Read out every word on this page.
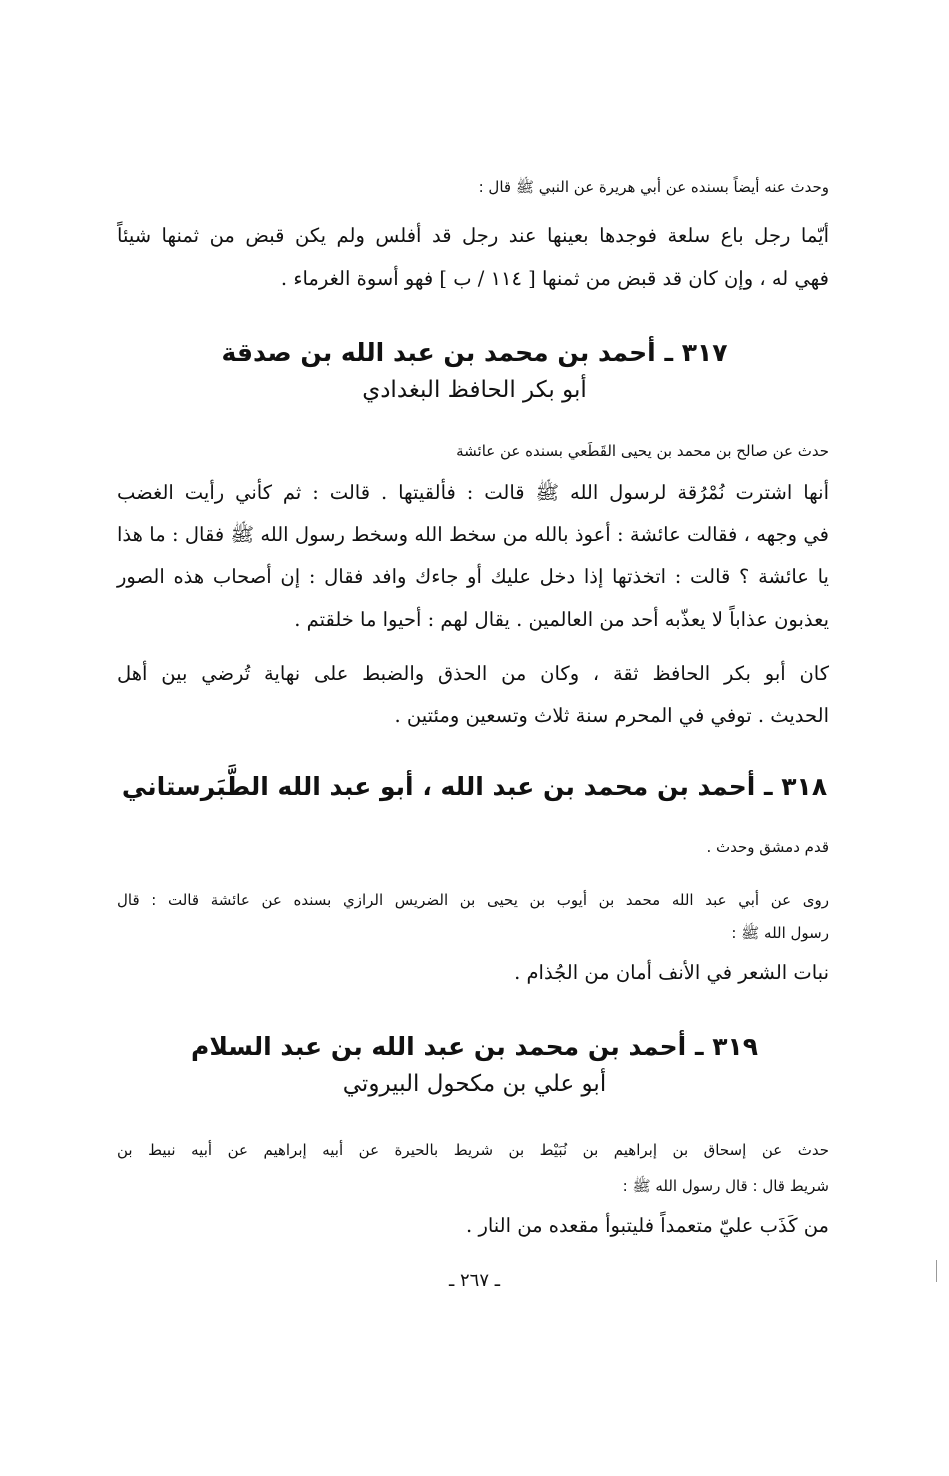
وحدث عنه أيضاً بسنده عن أبي هريرة عن النبي ﷺ قال :
أيّما رجل باع سلعة فوجدها بعينها عند رجل قد أفلس ولم يكن قبض من ثمنها شيئاً
فهي له ، وإن كان قد قبض من ثمنها [ ١١٤ / ب ] فهو أسوة الغرماء .
٣١٧ ـ أحمد بن محمد بن عبد الله بن صدقة
أبو بكر الحافظ البغدادي
حدث عن صالح بن محمد بن يحيى القَطَعي بسنده عن عائشة
أنها اشترت نُمْرُقة لرسول الله ﷺ قالت : فألقيتها . قالت : ثم كأني رأيت الغضب
في وجهه ، فقالت عائشة : أعوذ بالله من سخط الله وسخط رسول الله ﷺ فقال : ما هذا
يا عائشة ؟ قالت : اتخذتها إذا دخل عليك أو جاءك وافد فقال : إن أصحاب هذه الصور
يعذبون عذاباً لا يعذّبه أحد من العالمين . يقال لهم : أحيوا ما خلقتم .
كان أبو بكر الحافظ ثقة ، وكان من الحذق والضبط على نهاية تُرضي بين أهل
الحديث . توفي في المحرم سنة ثلاث وتسعين ومئتين .
٣١٨ ـ أحمد بن محمد بن عبد الله ، أبو عبد الله الطَّبَرستاني
قدم دمشق وحدث .
روى عن أبي عبد الله محمد بن أيوب بن يحيى بن الضريس الرازي بسنده عن عائشة قالت : قال
رسول الله ﷺ :
نبات الشعر في الأنف أمان من الجُذام .
٣١٩ ـ أحمد بن محمد بن عبد الله بن عبد السلام
أبو علي بن مكحول البيروتي
حدث عن إسحاق بن إبراهيم بن نُبَيْط بن شريط بالحيرة عن أبيه إبراهيم عن أبيه نبيط بن
شريط قال : قال رسول الله ﷺ :
من كَذَب عليّ متعمداً فليتبوأ مقعده من النار .
ـ ٢٦٧ ـ
